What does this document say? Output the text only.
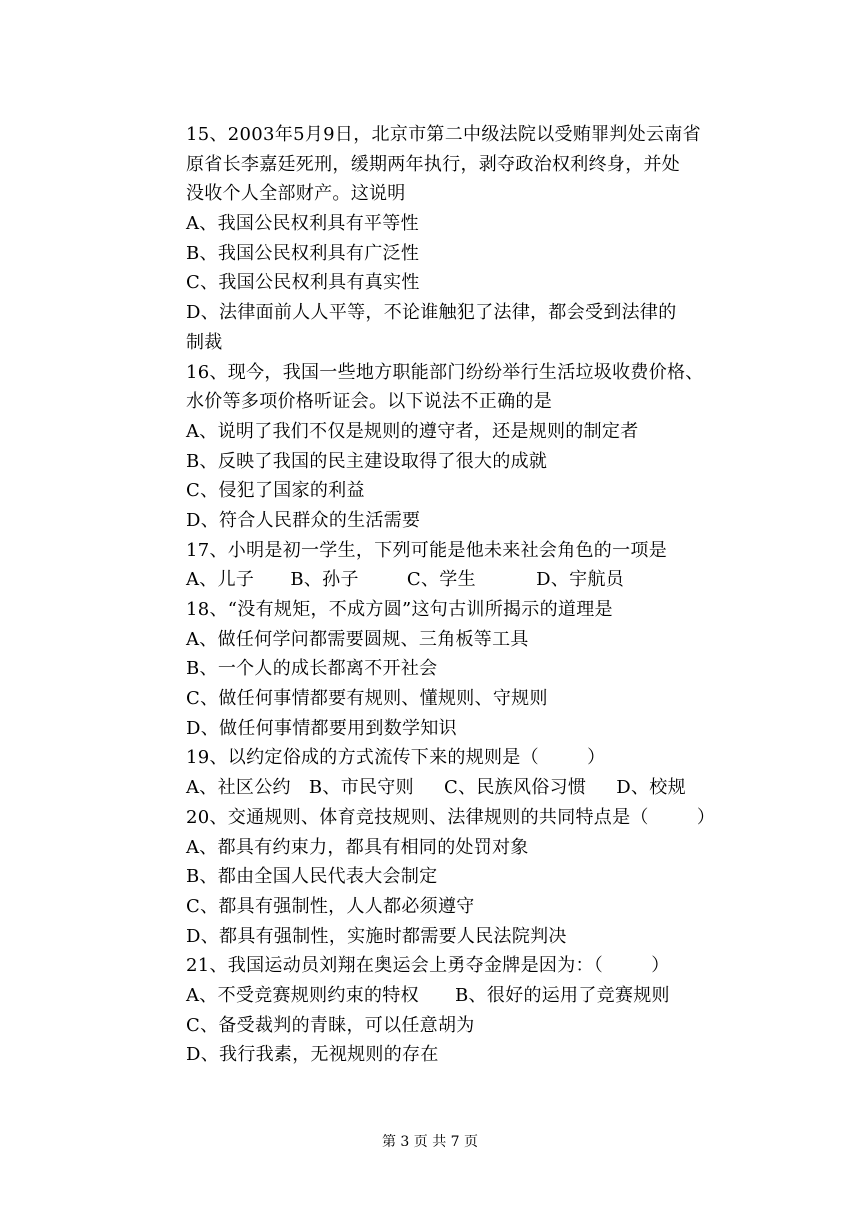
15、2003年5月9日，北京市第二中级法院以受贿罪判处云南省
原省长李嘉廷死刑，缓期两年执行，剥夺政治权利终身，并处
没收个人全部财产。这说明
A、我国公民权利具有平等性
B、我国公民权利具有广泛性
C、我国公民权利具有真实性
D、法律面前人人平等，不论谁触犯了法律，都会受到法律的
制裁
16、现今，我国一些地方职能部门纷纷举行生活垃圾收费价格、
水价等多项价格听证会。以下说法不正确的是
A、说明了我们不仅是规则的遵守者，还是规则的制定者
B、反映了我国的民主建设取得了很大的成就
C、侵犯了国家的利益
D、符合人民群众的生活需要
17、小明是初一学生，下列可能是他未来社会角色的一项是
A、儿子      B、孙子        C、学生          D、宇航员
18、“没有规矩，不成方圆”这句古训所揭示的道理是
A、做任何学问都需要圆规、三角板等工具
B、一个人的成长都离不开社会
C、做任何事情都要有规则、懂规则、守规则
D、做任何事情都要用到数学知识
19、以约定俗成的方式流传下来的规则是（        ）
A、社区公约   B、市民守则     C、民族风俗习惯     D、校规
20、交通规则、体育竞技规则、法律规则的共同特点是（        ）
A、都具有约束力，都具有相同的处罚对象
B、都由全国人民代表大会制定
C、都具有强制性，人人都必须遵守
D、都具有强制性，实施时都需要人民法院判决
21、我国运动员刘翔在奥运会上勇夺金牌是因为：（        ）
A、不受竞赛规则约束的特权      B、很好的运用了竞赛规则
C、备受裁判的青睐，可以任意胡为
D、我行我素，无视规则的存在
第 3 页 共 7 页
